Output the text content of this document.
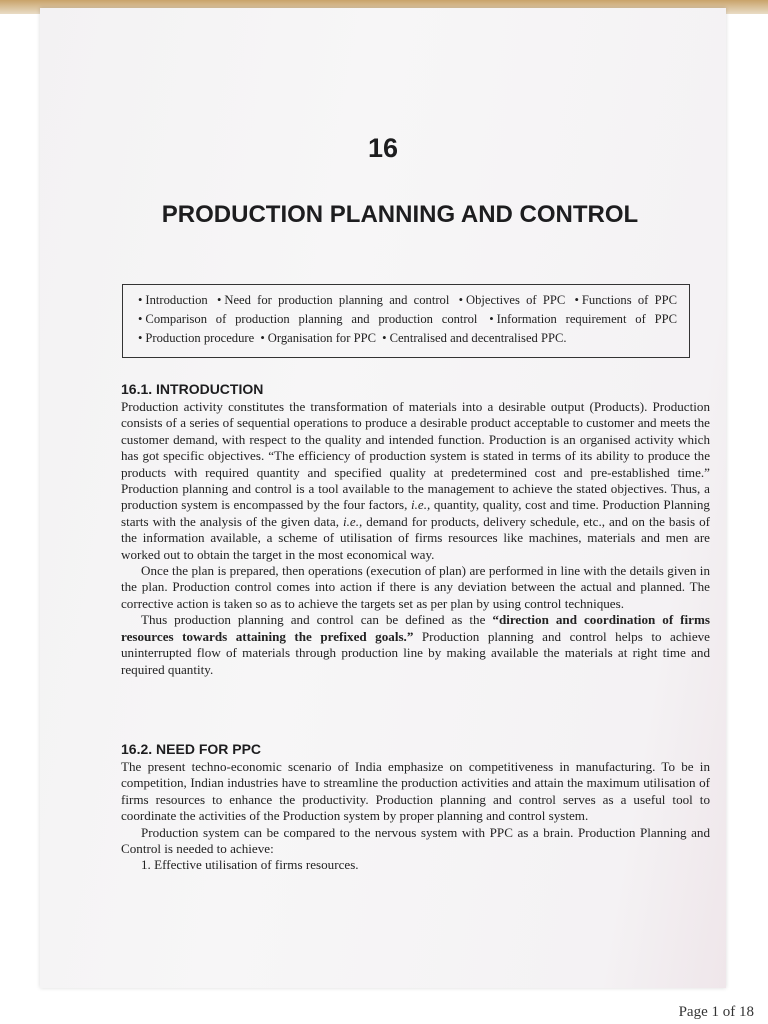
16
PRODUCTION PLANNING AND CONTROL
• Introduction • Need for production planning and control • Objectives of PPC • Functions of PPC • Comparison of production planning and production control • Information requirement of PPC • Production procedure • Organisation for PPC • Centralised and decentralised PPC.
16.1. INTRODUCTION

Production activity constitutes the transformation of materials into a desirable output (Products). Production consists of a series of sequential operations to produce a desirable product acceptable to customer and meets the customer demand, with respect to the quality and intended function. Production is an organised activity which has got specific objectives. “The efficiency of production system is stated in terms of its ability to produce the products with required quantity and specified quality at predetermined cost and pre-established time.” Production planning and control is a tool available to the management to achieve the stated objectives. Thus, a production system is encompassed by the four factors, i.e., quantity, quality, cost and time. Production Planning starts with the analysis of the given data, i.e., demand for products, delivery schedule, etc., and on the basis of the information available, a scheme of utilisation of firms resources like machines, materials and men are worked out to obtain the target in the most economical way.

Once the plan is prepared, then operations (execution of plan) are performed in line with the details given in the plan. Production control comes into action if there is any deviation between the actual and planned. The corrective action is taken so as to achieve the targets set as per plan by using control techniques.

Thus production planning and control can be defined as the “direction and coordination of firms resources towards attaining the prefixed goals.” Production planning and control helps to achieve uninterrupted flow of materials through production line by making available the materials at right time and required quantity.

16.2. NEED FOR PPC

The present techno-economic scenario of India emphasize on competitiveness in manufacturing. To be in competition, Indian industries have to streamline the production activities and attain the maximum utilisation of firms resources to enhance the productivity. Production planning and control serves as a useful tool to coordinate the activities of the Production system by proper planning and control system.

Production system can be compared to the nervous system with PPC as a brain. Production Planning and Control is needed to achieve:

1. Effective utilisation of firms resources.

Page 1 of 18
